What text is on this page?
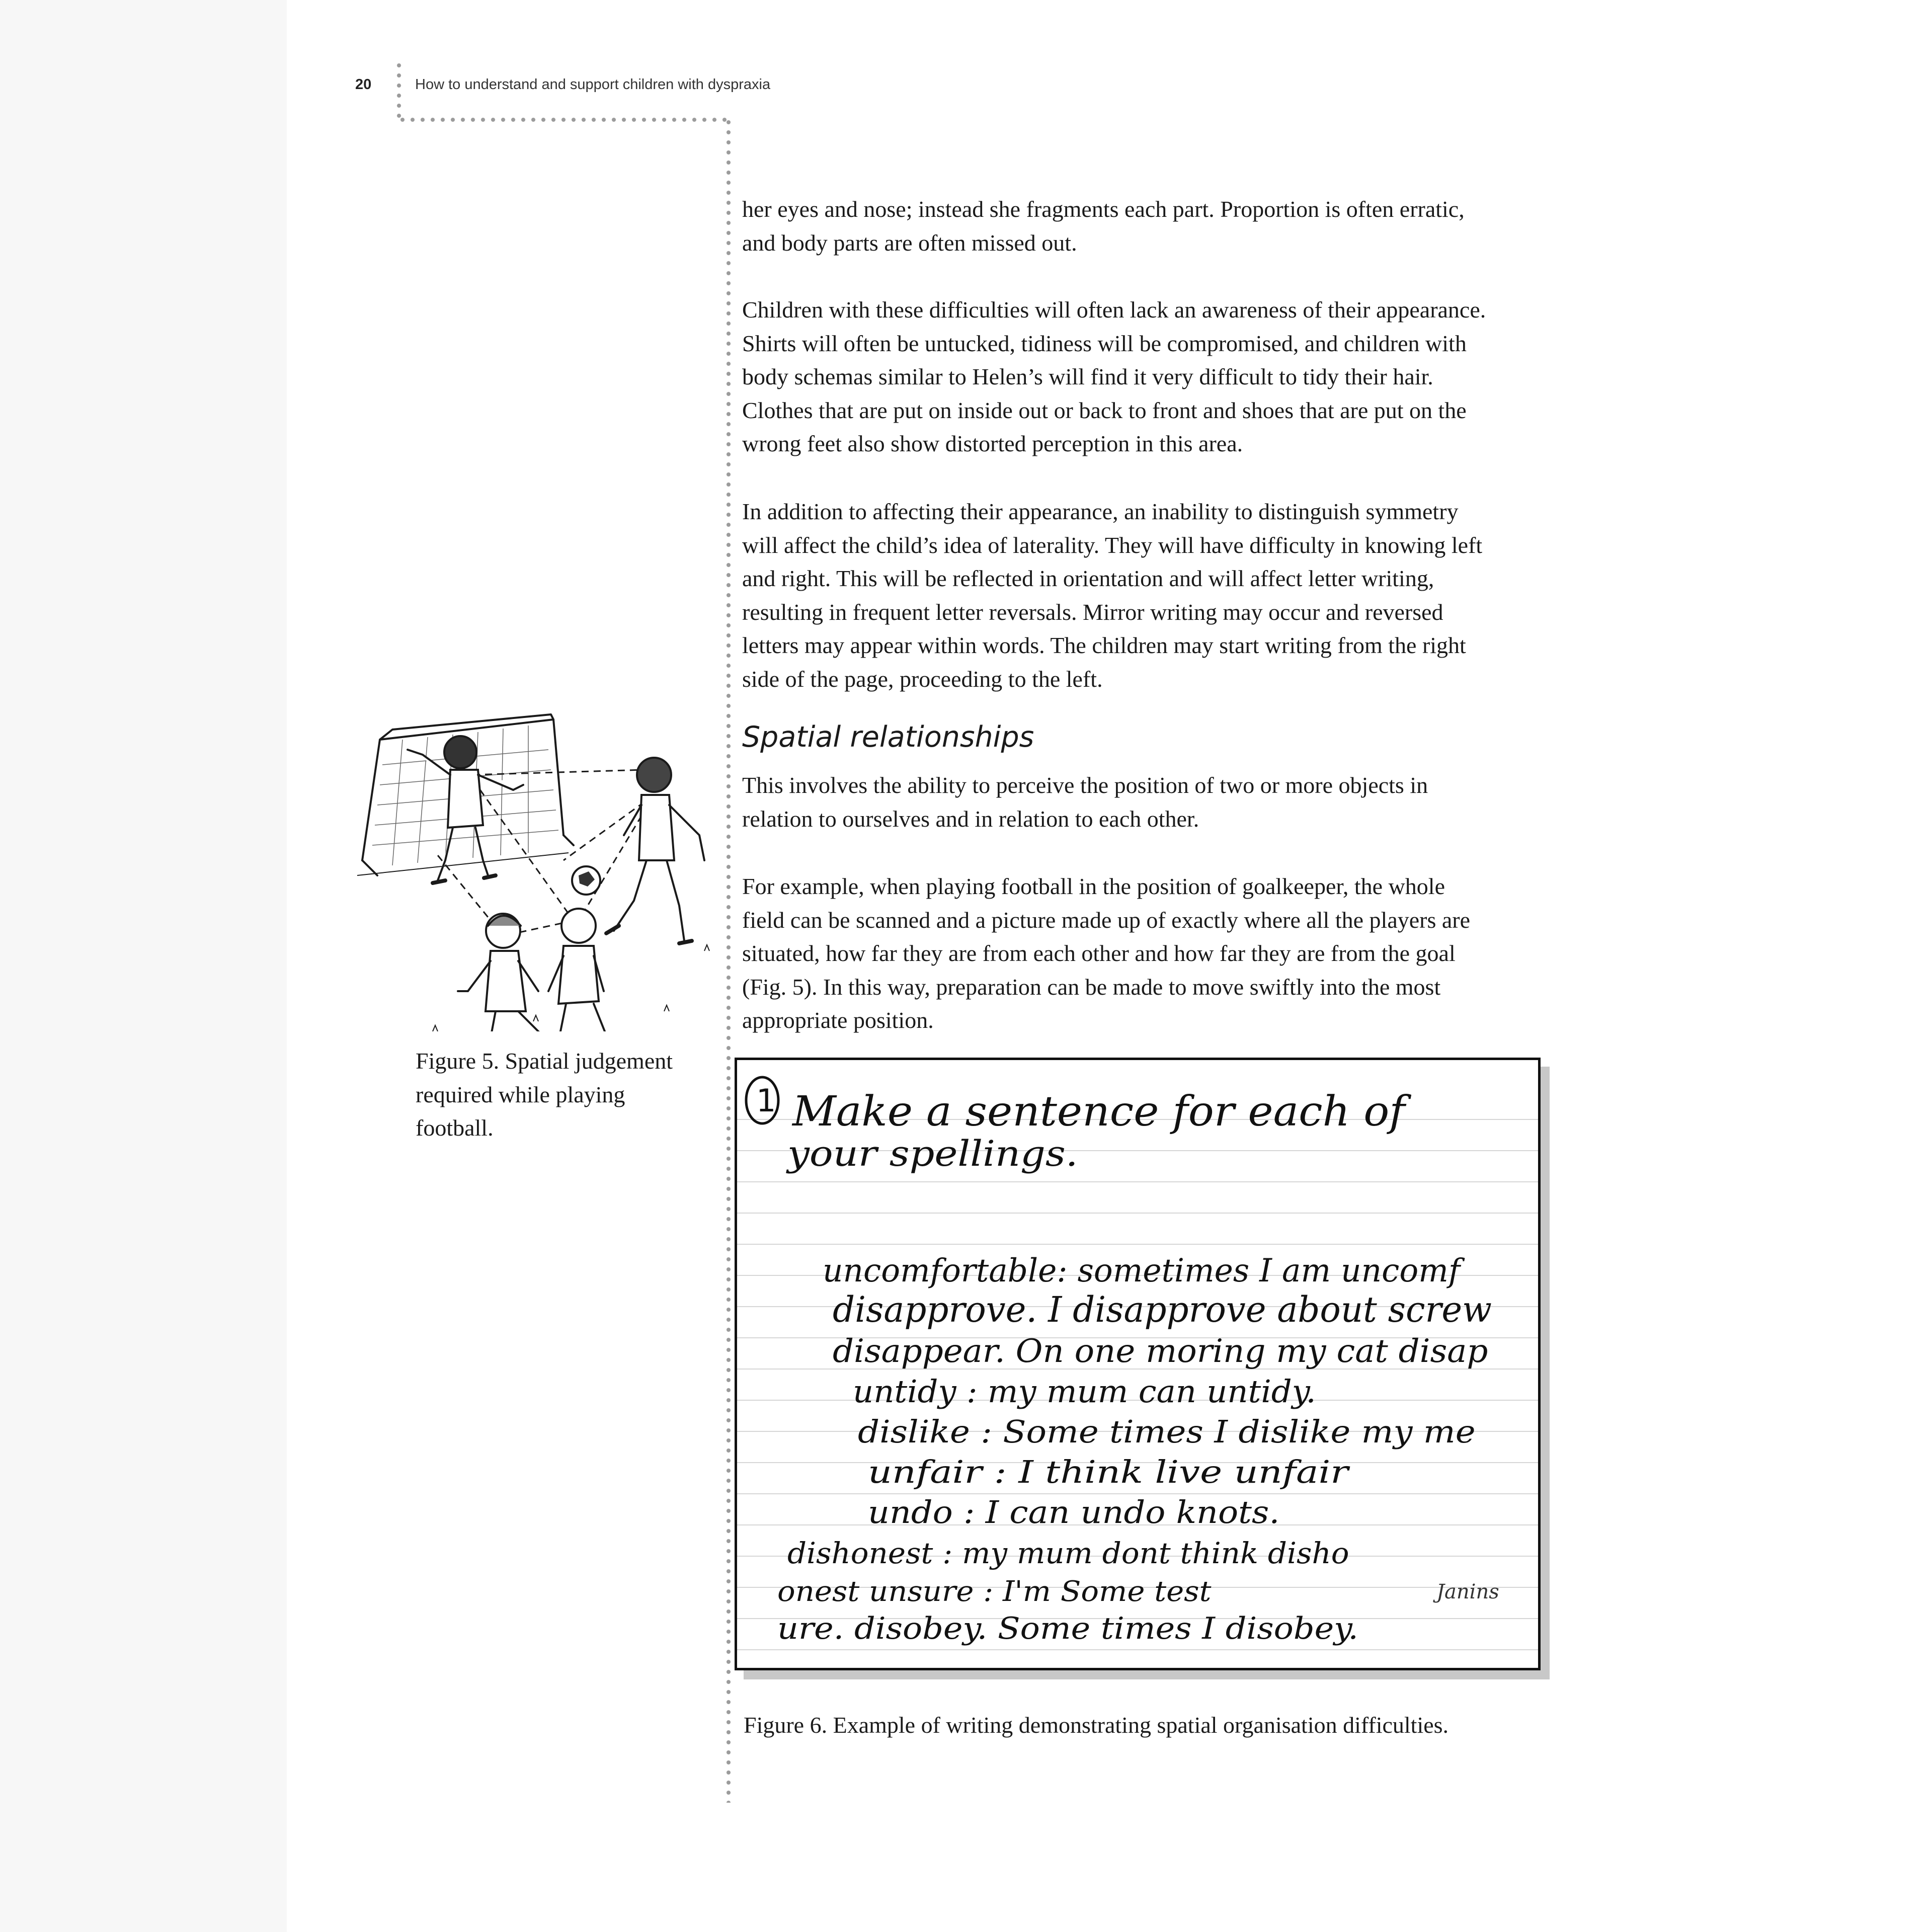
20	How to understand and support children with dyspraxia

her eyes and nose; instead she fragments each part. Proportion is often erratic,
and body parts are often missed out.

Children with these difficulties will often lack an awareness of their appearance.
Shirts will often be untucked, tidiness will be compromised, and children with
body schemas similar to Helen’s will find it very difficult to tidy their hair.
Clothes that are put on inside out or back to front and shoes that are put on the
wrong feet also show distorted perception in this area.

In addition to affecting their appearance, an inability to distinguish symmetry
will affect the child’s idea of laterality. They will have difficulty in knowing left
and right. This will be reflected in orientation and will affect letter writing,
resulting in frequent letter reversals. Mirror writing may occur and reversed
letters may appear within words. The children may start writing from the right
side of the page, proceeding to the left.

Spatial relationships

This involves the ability to perceive the position of two or more objects in
relation to ourselves and in relation to each other.

For example, when playing football in the position of goalkeeper, the whole
field can be scanned and a picture made up of exactly where all the players are
situated, how far they are from each other and how far they are from the goal
(Fig. 5). In this way, preparation can be made to move swiftly into the most
appropriate position.

Figure 5. Spatial judgement required while playing football.	Make a sentence for each of
your spellings.
uncomfortable: sometimes I am uncomf
disapprove. I disapprove about screw
disappear. On one moring my cat disap
untidy : my mum can untidy.
dislike : Some times I dislike my me
unfair : I think live unfair
undo : I can undo knots.
dishonest : my mum dont think disho
onest unsure : I'm Some test
ure. disobey. Some times I disobey.
1
Janins

Figure 6. Example of writing demonstrating spatial organisation difficulties.
